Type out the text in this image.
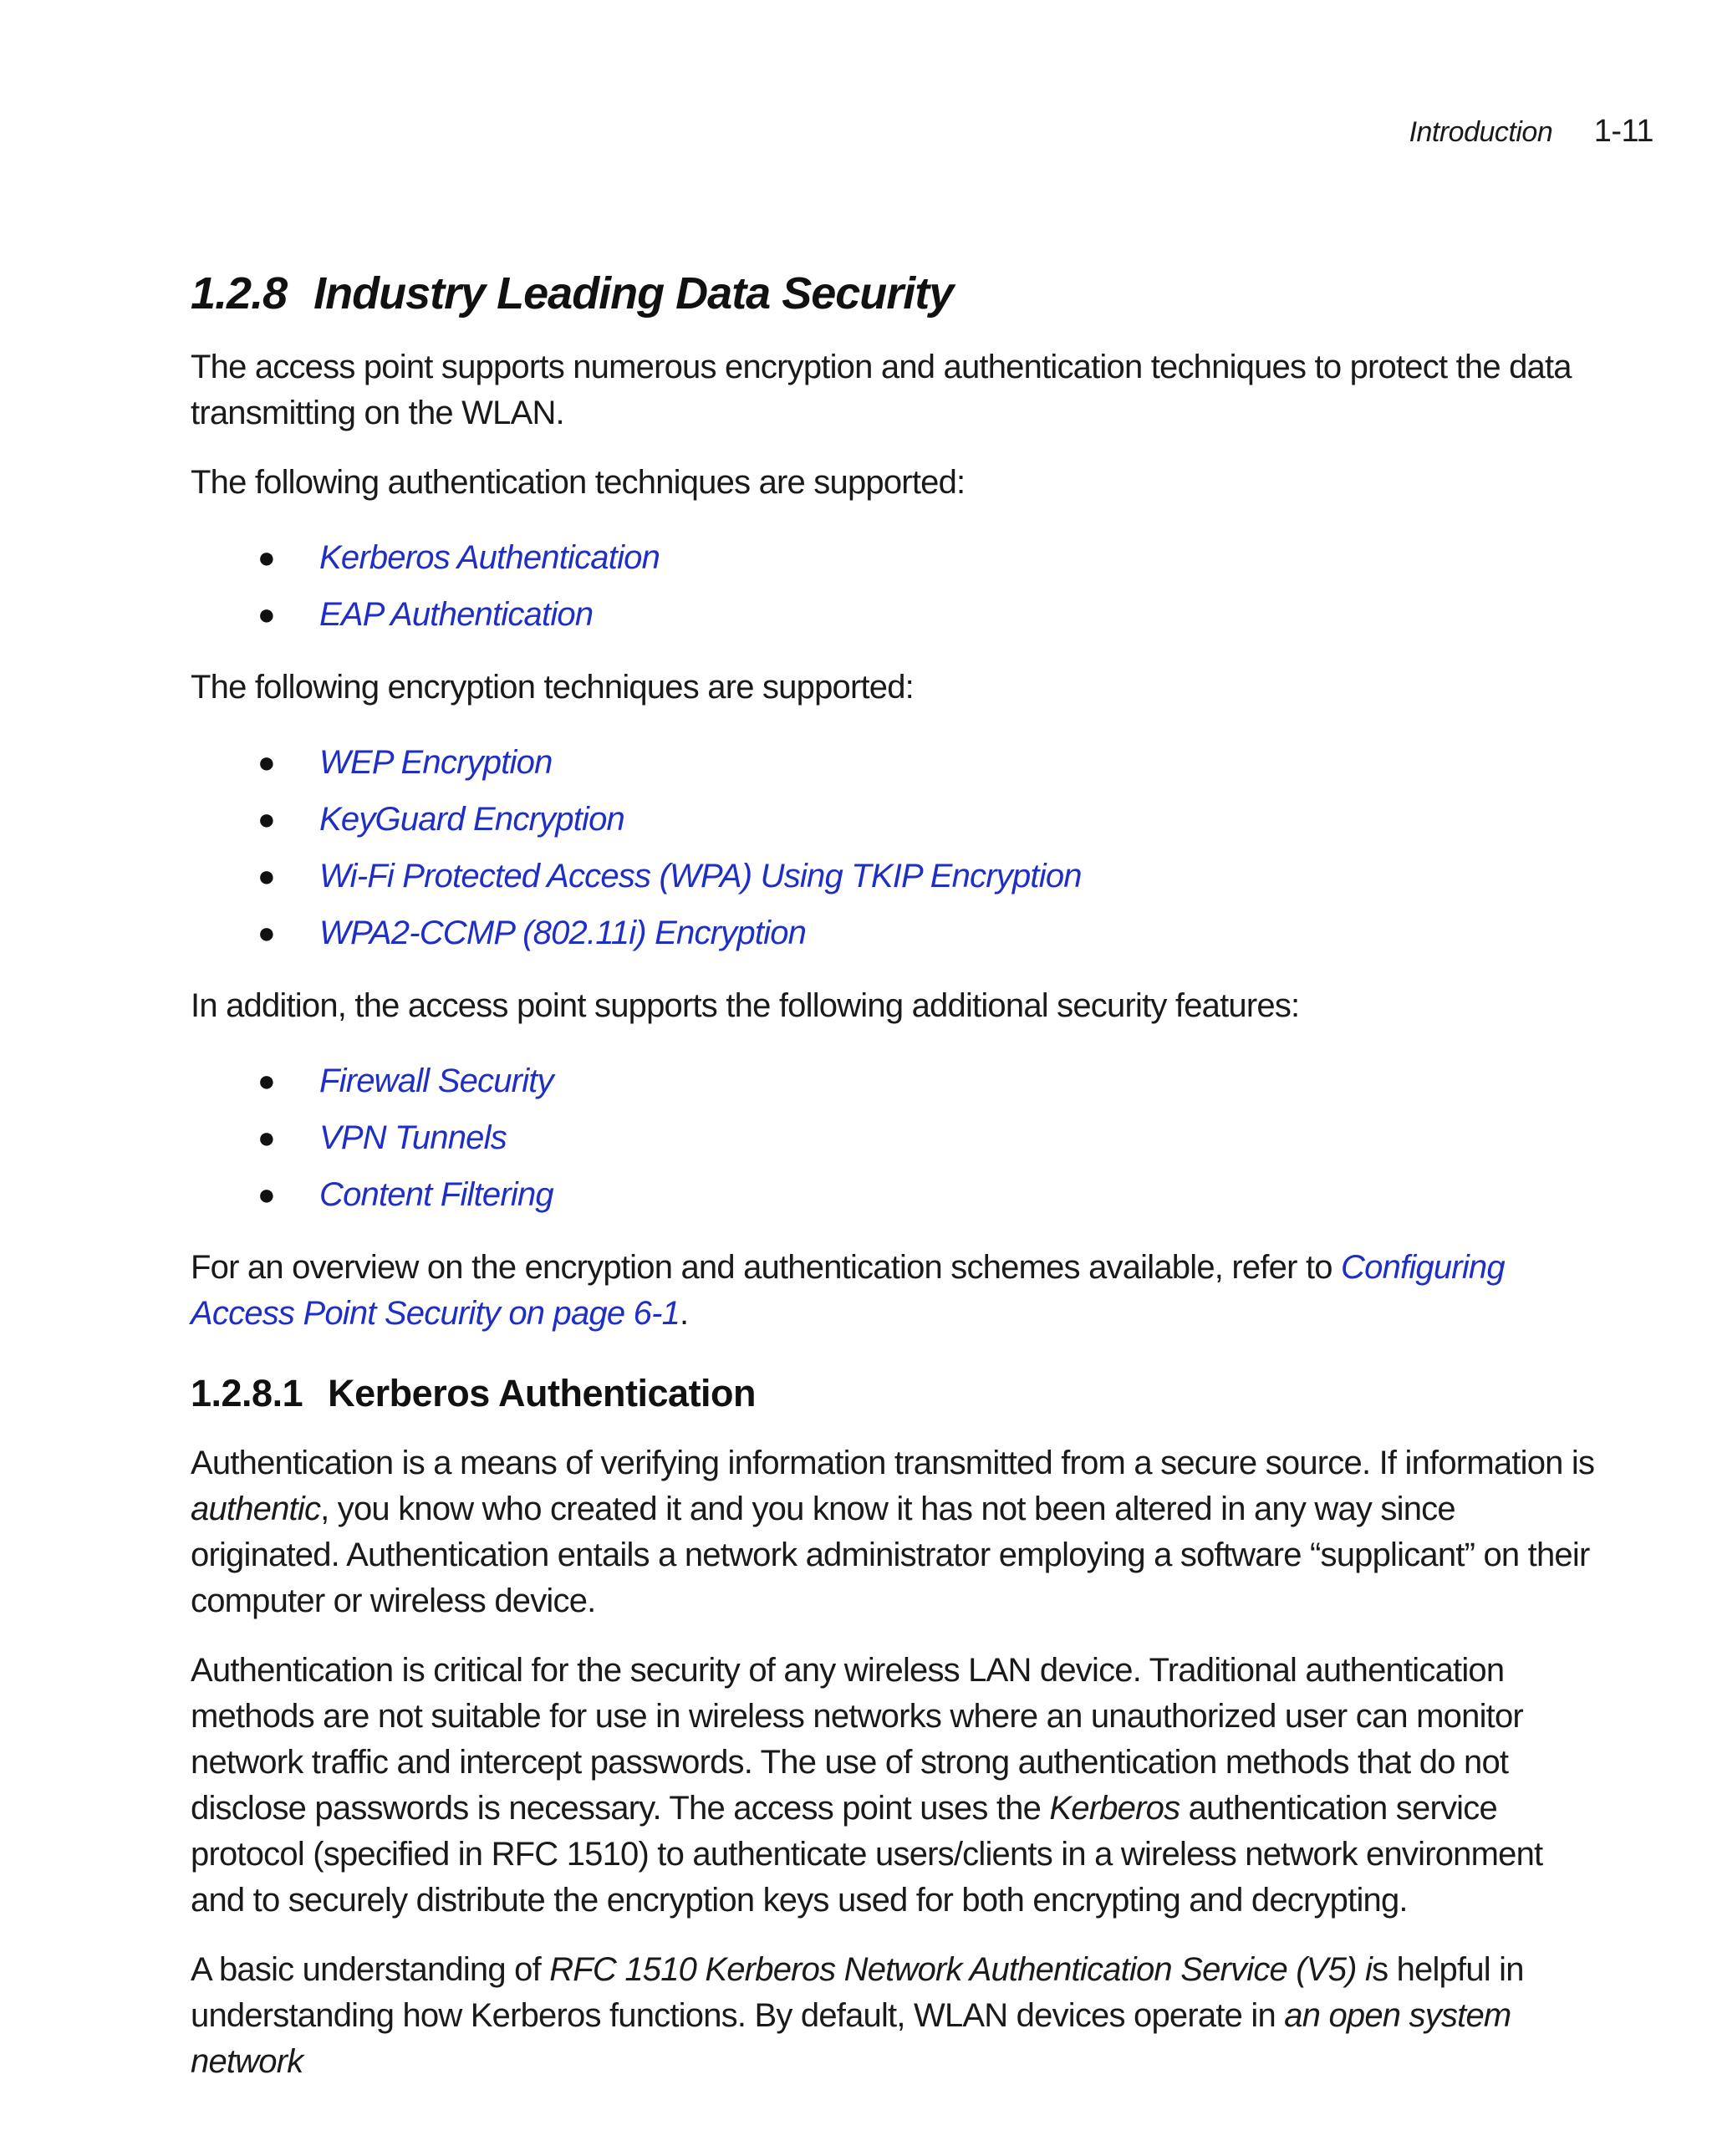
Introduction 1-11
1.2.8 Industry Leading Data Security

The access point supports numerous encryption and authentication techniques to protect the data transmitting on the WLAN.

The following authentication techniques are supported:

● Kerberos Authentication
● EAP Authentication

The following encryption techniques are supported:

● WEP Encryption
● KeyGuard Encryption
● Wi-Fi Protected Access (WPA) Using TKIP Encryption
● WPA2-CCMP (802.11i) Encryption

In addition, the access point supports the following additional security features:

● Firewall Security
● VPN Tunnels
● Content Filtering

For an overview on the encryption and authentication schemes available, refer to Configuring Access Point Security on page 6-1.

1.2.8.1 Kerberos Authentication

Authentication is a means of verifying information transmitted from a secure source. If information is authentic, you know who created it and you know it has not been altered in any way since originated. Authentication entails a network administrator employing a software “supplicant” on their computer or wireless device.

Authentication is critical for the security of any wireless LAN device. Traditional authentication methods are not suitable for use in wireless networks where an unauthorized user can monitor network traffic and intercept passwords. The use of strong authentication methods that do not disclose passwords is necessary. The access point uses the Kerberos authentication service protocol (specified in RFC 1510) to authenticate users/clients in a wireless network environment and to securely distribute the encryption keys used for both encrypting and decrypting.

A basic understanding of RFC 1510 Kerberos Network Authentication Service (V5) is helpful in understanding how Kerberos functions. By default, WLAN devices operate in an open system network
